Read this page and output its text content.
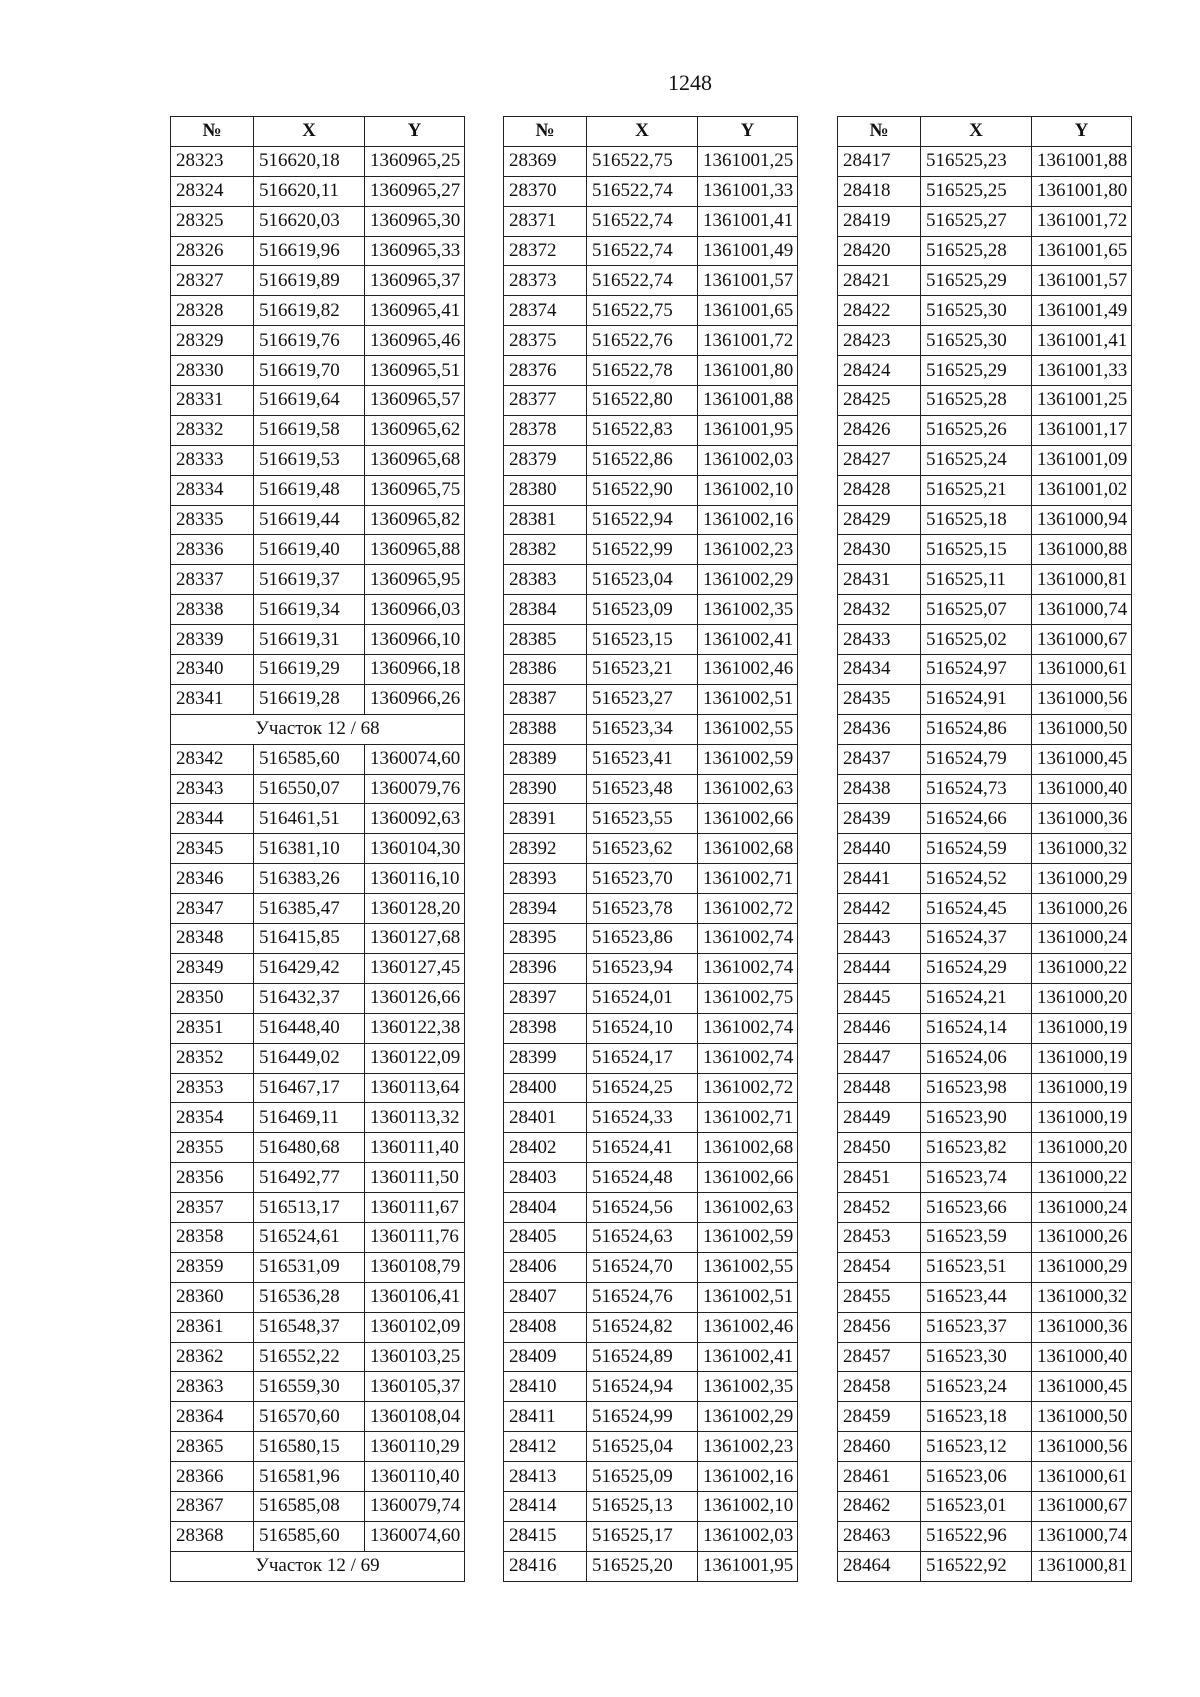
1248
№	X	Y
28323	516620,18	1360965,25
28324	516620,11	1360965,27
28325	516620,03	1360965,30
28326	516619,96	1360965,33
28327	516619,89	1360965,37
28328	516619,82	1360965,41
28329	516619,76	1360965,46
28330	516619,70	1360965,51
28331	516619,64	1360965,57
28332	516619,58	1360965,62
28333	516619,53	1360965,68
28334	516619,48	1360965,75
28335	516619,44	1360965,82
28336	516619,40	1360965,88
28337	516619,37	1360965,95
28338	516619,34	1360966,03
28339	516619,31	1360966,10
28340	516619,29	1360966,18
28341	516619,28	1360966,26
Участок 12 / 68		
28342	516585,60	1360074,60
28343	516550,07	1360079,76
28344	516461,51	1360092,63
28345	516381,10	1360104,30
28346	516383,26	1360116,10
28347	516385,47	1360128,20
28348	516415,85	1360127,68
28349	516429,42	1360127,45
28350	516432,37	1360126,66
28351	516448,40	1360122,38
28352	516449,02	1360122,09
28353	516467,17	1360113,64
28354	516469,11	1360113,32
28355	516480,68	1360111,40
28356	516492,77	1360111,50
28357	516513,17	1360111,67
28358	516524,61	1360111,76
28359	516531,09	1360108,79
28360	516536,28	1360106,41
28361	516548,37	1360102,09
28362	516552,22	1360103,25
28363	516559,30	1360105,37
28364	516570,60	1360108,04
28365	516580,15	1360110,29
28366	516581,96	1360110,40
28367	516585,08	1360079,74
28368	516585,60	1360074,60
Участок 12 / 69		
№	X	Y
28369	516522,75	1361001,25
28370	516522,74	1361001,33
28371	516522,74	1361001,41
28372	516522,74	1361001,49
28373	516522,74	1361001,57
28374	516522,75	1361001,65
28375	516522,76	1361001,72
28376	516522,78	1361001,80
28377	516522,80	1361001,88
28378	516522,83	1361001,95
28379	516522,86	1361002,03
28380	516522,90	1361002,10
28381	516522,94	1361002,16
28382	516522,99	1361002,23
28383	516523,04	1361002,29
28384	516523,09	1361002,35
28385	516523,15	1361002,41
28386	516523,21	1361002,46
28387	516523,27	1361002,51
28388	516523,34	1361002,55
28389	516523,41	1361002,59
28390	516523,48	1361002,63
28391	516523,55	1361002,66
28392	516523,62	1361002,68
28393	516523,70	1361002,71
28394	516523,78	1361002,72
28395	516523,86	1361002,74
28396	516523,94	1361002,74
28397	516524,01	1361002,75
28398	516524,10	1361002,74
28399	516524,17	1361002,74
28400	516524,25	1361002,72
28401	516524,33	1361002,71
28402	516524,41	1361002,68
28403	516524,48	1361002,66
28404	516524,56	1361002,63
28405	516524,63	1361002,59
28406	516524,70	1361002,55
28407	516524,76	1361002,51
28408	516524,82	1361002,46
28409	516524,89	1361002,41
28410	516524,94	1361002,35
28411	516524,99	1361002,29
28412	516525,04	1361002,23
28413	516525,09	1361002,16
28414	516525,13	1361002,10
28415	516525,17	1361002,03
28416	516525,20	1361001,95
№	X	Y
28417	516525,23	1361001,88
28418	516525,25	1361001,80
28419	516525,27	1361001,72
28420	516525,28	1361001,65
28421	516525,29	1361001,57
28422	516525,30	1361001,49
28423	516525,30	1361001,41
28424	516525,29	1361001,33
28425	516525,28	1361001,25
28426	516525,26	1361001,17
28427	516525,24	1361001,09
28428	516525,21	1361001,02
28429	516525,18	1361000,94
28430	516525,15	1361000,88
28431	516525,11	1361000,81
28432	516525,07	1361000,74
28433	516525,02	1361000,67
28434	516524,97	1361000,61
28435	516524,91	1361000,56
28436	516524,86	1361000,50
28437	516524,79	1361000,45
28438	516524,73	1361000,40
28439	516524,66	1361000,36
28440	516524,59	1361000,32
28441	516524,52	1361000,29
28442	516524,45	1361000,26
28443	516524,37	1361000,24
28444	516524,29	1361000,22
28445	516524,21	1361000,20
28446	516524,14	1361000,19
28447	516524,06	1361000,19
28448	516523,98	1361000,19
28449	516523,90	1361000,19
28450	516523,82	1361000,20
28451	516523,74	1361000,22
28452	516523,66	1361000,24
28453	516523,59	1361000,26
28454	516523,51	1361000,29
28455	516523,44	1361000,32
28456	516523,37	1361000,36
28457	516523,30	1361000,40
28458	516523,24	1361000,45
28459	516523,18	1361000,50
28460	516523,12	1361000,56
28461	516523,06	1361000,61
28462	516523,01	1361000,67
28463	516522,96	1361000,74
28464	516522,92	1361000,81
